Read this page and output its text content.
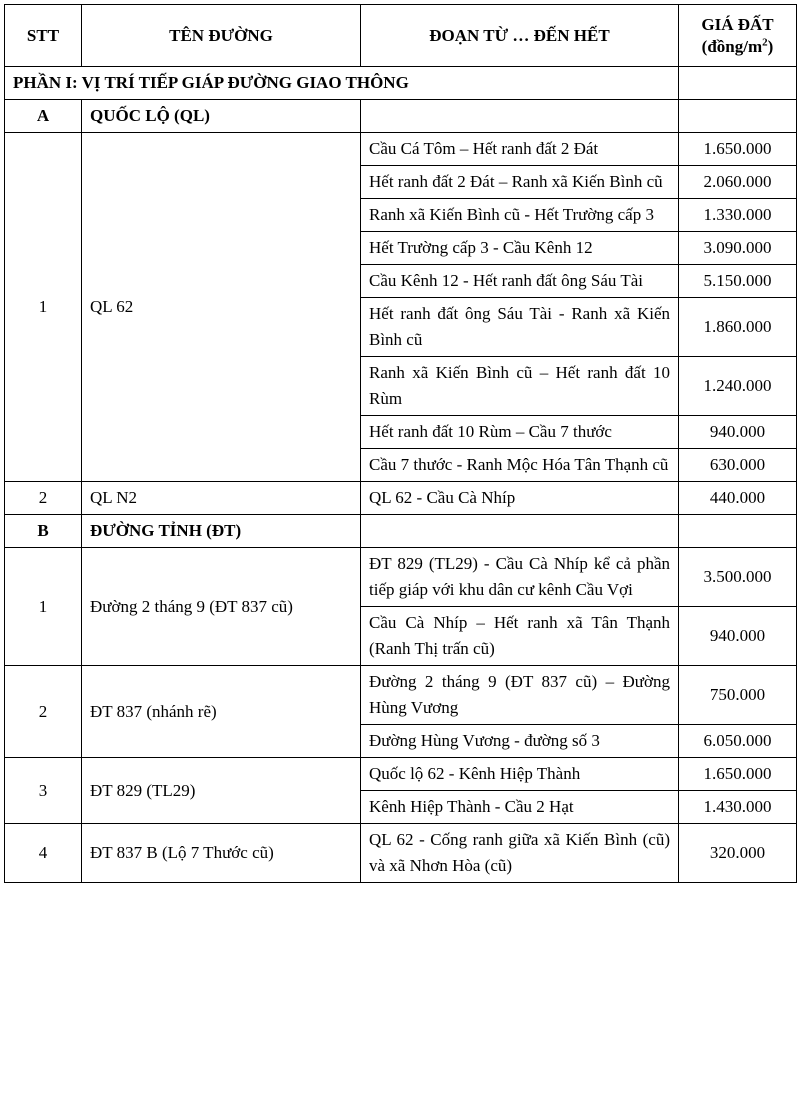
STT	TÊN ĐƯỜNG	ĐOẠN TỪ … ĐẾN HẾT	GIÁ ĐẤT
$(đồng/m^2)$
PHẦN I: VỊ TRÍ TIẾP GIÁP ĐƯỜNG GIAO THÔNG			
A	QUỐC LỘ (QL)		
1	QL 62	Cầu Cá Tôm – Hết ranh đất 2 Đát	1.650.000
		Hết ranh đất 2 Đát – Ranh xã Kiến Bình cũ	2.060.000
		Ranh xã Kiến Bình cũ - Hết Trường cấp 3	1.330.000
		Hết Trường cấp 3 - Cầu Kênh 12	3.090.000
		Cầu Kênh 12 - Hết ranh đất ông Sáu Tài	5.150.000
		Hết ranh đất ông Sáu Tài - Ranh xã Kiến Bình cũ	1.860.000
		Ranh xã Kiến Bình cũ – Hết ranh đất 10 Rùm	1.240.000
		Hết ranh đất 10 Rùm – Cầu 7 thước	940.000
		Cầu 7 thước - Ranh Mộc Hóa Tân Thạnh cũ	630.000
2	QL N2	QL 62 - Cầu Cà Nhíp	440.000
B	ĐƯỜNG TỈNH (ĐT)		
1	Đường 2 tháng 9 (ĐT 837 cũ)	ĐT 829 (TL29) - Cầu Cà Nhíp kể cả phần tiếp giáp với khu dân cư kênh Cầu Vợi	3.500.000
		Cầu Cà Nhíp – Hết ranh xã Tân Thạnh (Ranh Thị trấn cũ)	940.000
2	ĐT 837 (nhánh rẽ)	Đường 2 tháng 9 (ĐT 837 cũ) – Đường Hùng Vương	750.000
		Đường Hùng Vương - đường số 3	6.050.000
3	ĐT 829 (TL29)	Quốc lộ 62 - Kênh Hiệp Thành	1.650.000
		Kênh Hiệp Thành - Cầu 2 Hạt	1.430.000
4	ĐT 837 B (Lộ 7 Thước cũ)	QL 62 - Cống ranh giữa xã Kiến Bình (cũ) và xã Nhơn Hòa (cũ)	320.000
